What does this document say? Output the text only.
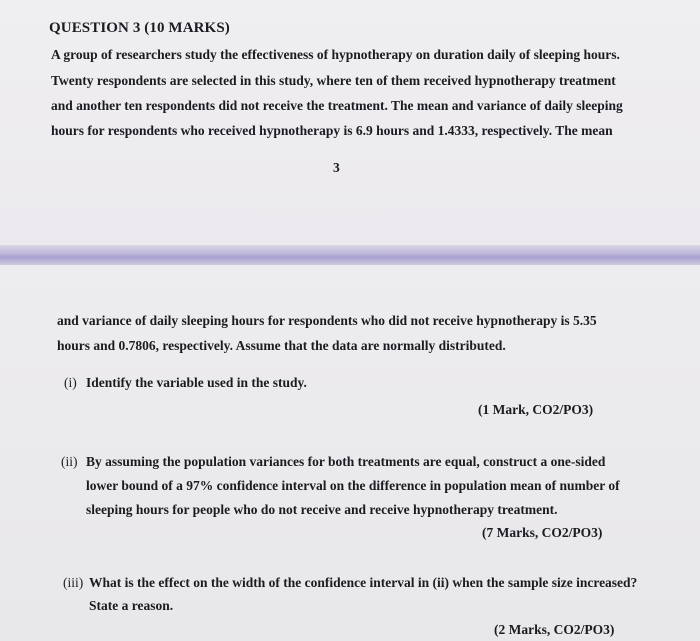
QUESTION 3 (10 MARKS)
A group of researchers study the effectiveness of hypnotherapy on duration daily of sleeping hours.
Twenty respondents are selected in this study, where ten of them received hypnotherapy treatment
and another ten respondents did not receive the treatment. The mean and variance of daily sleeping
hours for respondents who received hypnotherapy is 6.9 hours and 1.4333, respectively. The mean
3
and variance of daily sleeping hours for respondents who did not receive hypnotherapy is 5.35
hours and 0.7806, respectively. Assume that the data are normally distributed.
(i) Identify the variable used in the study.
(1 Mark, CO2/PO3)
(ii) By assuming the population variances for both treatments are equal, construct a one-sided
lower bound of a 97% confidence interval on the difference in population mean of number of
sleeping hours for people who do not receive and receive hypnotherapy treatment.
(7 Marks, CO2/PO3)
(iii) What is the effect on the width of the confidence interval in (ii) when the sample size increased?
State a reason.
(2 Marks, CO2/PO3)
